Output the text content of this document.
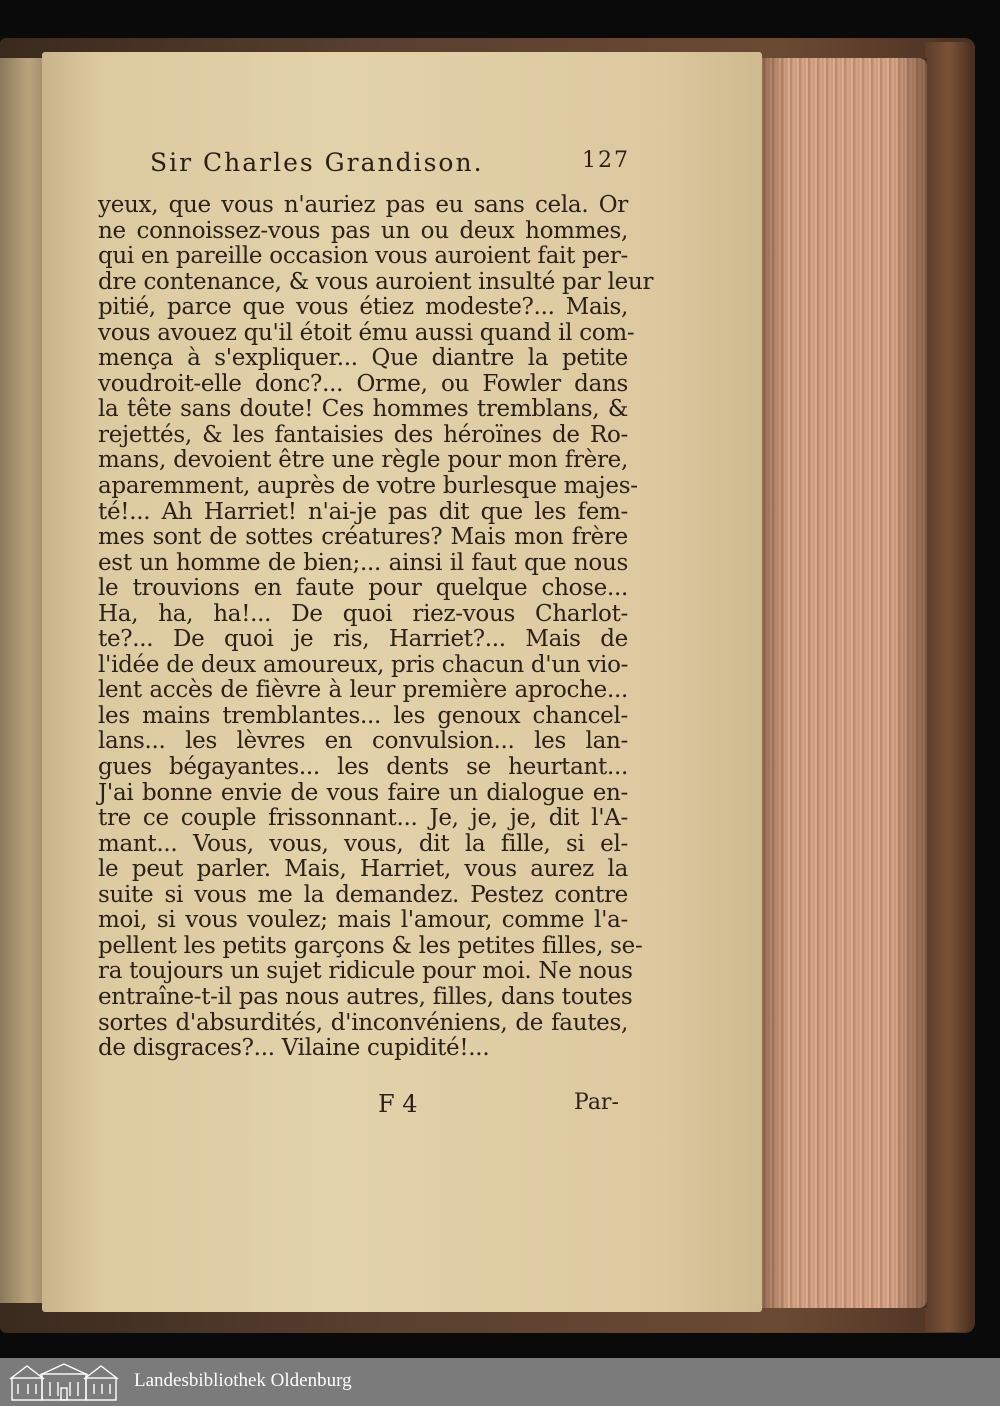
Sir Charles Grandison.	127
yeux, que vous n'auriez pas eu sans cela. Or
ne connoissez-vous pas un ou deux hommes,
qui en pareille occasion vous auroient fait per-
dre contenance, & vous auroient insulté par leur
pitié, parce que vous étiez modeste?... Mais,
vous avouez qu'il étoit ému aussi quand il com-
mença à s'expliquer... Que diantre la petite
voudroit-elle donc?... Orme, ou Fowler dans
la tête sans doute! Ces hommes tremblans, &
rejettés, & les fantaisies des héroïnes de Ro-
mans, devoient être une règle pour mon frère,
aparemment, auprès de votre burlesque majes-
té!... Ah Harriet! n'ai-je pas dit que les fem-
mes sont de sottes créatures? Mais mon frère
est un homme de bien;... ainsi il faut que nous
le trouvions en faute pour quelque chose...
Ha, ha, ha!... De quoi riez-vous Charlot-
te?... De quoi je ris, Harriet?... Mais de
l'idée de deux amoureux, pris chacun d'un vio-
lent accès de fièvre à leur première aproche...
les mains tremblantes... les genoux chancel-
lans... les lèvres en convulsion... les lan-
gues bégayantes... les dents se heurtant...
J'ai bonne envie de vous faire un dialogue en-
tre ce couple frissonnant... Je, je, je, dit l'A-
mant... Vous, vous, vous, dit la fille, si el-
le peut parler. Mais, Harriet, vous aurez la
suite si vous me la demandez. Pestez contre
moi, si vous voulez; mais l'amour, comme l'a-
pellent les petits garçons & les petites filles, se-
ra toujours un sujet ridicule pour moi. Ne nous
entraîne-t-il pas nous autres, filles, dans toutes
sortes d'absurdités, d'inconvéniens, de fautes,
de disgraces?... Vilaine cupidité!...
F 4	Par-
Landesbibliothek Oldenburg
